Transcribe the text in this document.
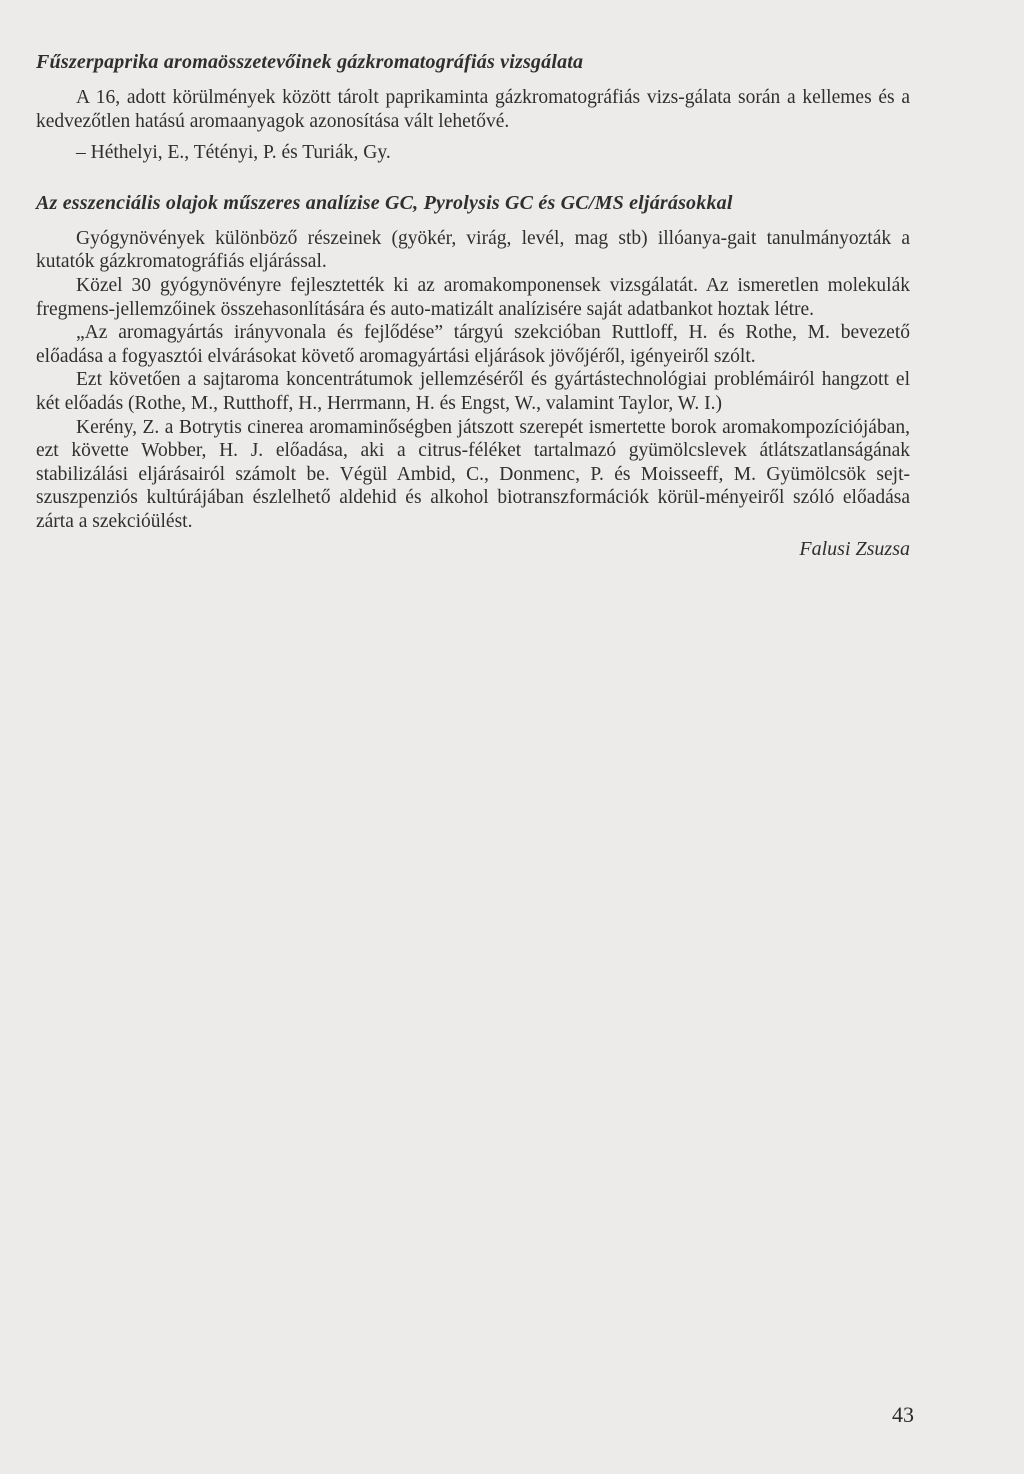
Fűszerpaprika aromaösszetevőinek gázkromatográfiás vizsgálata

A 16, adott körülmények között tárolt paprikaminta gázkromatográfiás vizs-gálata során a kellemes és a kedvezőtlen hatású aromaanyagok azonosítása vált lehetővé.

– Héthelyi, E., Tétényi, P. és Turiák, Gy.

Az esszenciális olajok műszeres analízise GC, Pyrolysis GC és GC/MS eljárásokkal

Gyógynövények különböző részeinek (gyökér, virág, levél, mag stb) illóanya-gait tanulmányozták a kutatók gázkromatográfiás eljárással.

Közel 30 gyógynövényre fejlesztették ki az aromakomponensek vizsgálatát. Az ismeretlen molekulák fregmens-jellemzőinek összehasonlítására és auto-matizált analízisére saját adatbankot hoztak létre.

„Az aromagyártás irányvonala és fejlődése” tárgyú szekcióban Ruttloff, H. és Rothe, M. bevezető előadása a fogyasztói elvárásokat követő aromagyártási eljárások jövőjéről, igényeiről szólt.

Ezt követően a sajtaroma koncentrátumok jellemzéséről és gyártástechnológiai problémáiról hangzott el két előadás (Rothe, M., Rutthoff, H., Herrmann, H. és Engst, W., valamint Taylor, W. I.)

Kerény, Z. a Botrytis cinerea aromaminőségben játszott szerepét ismertette borok aromakompozíciójában, ezt követte Wobber, H. J. előadása, aki a citrus-féléket tartalmazó gyümölcslevek átlátszatlanságának stabilizálási eljárásairól számolt be. Végül Ambid, C., Donmenc, P. és Moisseeff, M. Gyümölcsök sejt-szuszpenziós kultúrájában észlelhető aldehid és alkohol biotranszformációk körül-ményeiről szóló előadása zárta a szekcióülést.

Falusi Zsuzsa

43
